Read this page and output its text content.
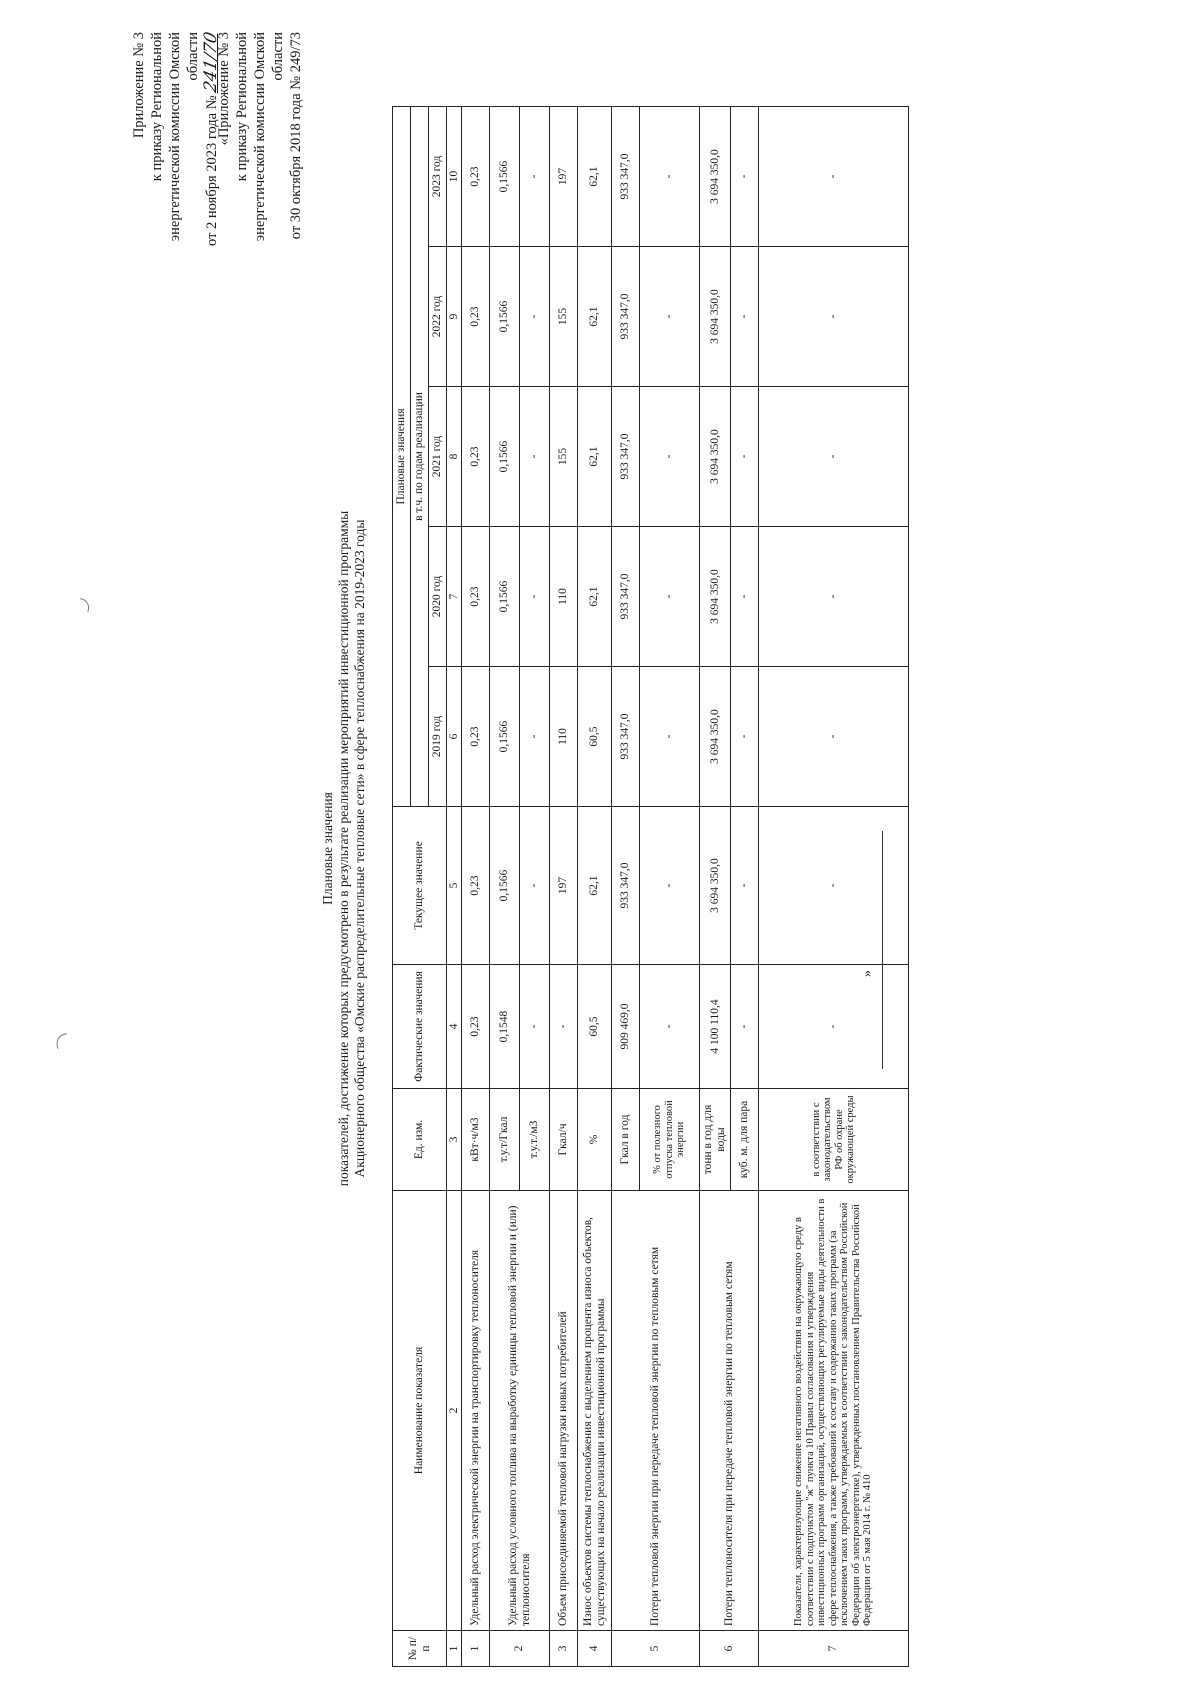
Приложение № 3 к приказу Региональной энергетической комиссии Омской области
от 2 ноября 2023 года № 241/70
«Приложение № 3 к приказу Региональной энергетической комиссии Омской области от 30 октября 2018 года № 249/73
Плановые значения показателей, достижение которых предусмотрено в результате реализации мероприятий инвестиционной программы Акционерного общества «Омские распределительные тепловые сети» в сфере теплоснабжения на 2019-2023 годы
№ п/п	Наименование показателя	Ед. изм.	Фактические значения	Текущее значение	Плановые значения				
					в т.ч. по годам реализации				
					2019 год	2020 год	2021 год	2022 год	2023 год
1	2	3	4	5	6	7	8	9	10
1	Удельный расход электрической энергии на транспортировку теплоносителя	кВт·ч/м3	0,23	0,23	0,23	0,23	0,23	0,23	0,23
2	Удельный расход условного топлива на выработку единицы тепловой энергии и (или) теплоносителя	т.у.т/Гкал	0,1548	0,1566	0,1566	0,1566	0,1566	0,1566	0,1566
		т.у.т./м3	-	-	-	-	-	-	-
3	Объем присоединяемой тепловой нагрузки новых потребителей	Гкал/ч	-	197	110	110	155	155	197
4	Износ объектов системы теплоснабжения с выделением процента износа объектов, существующих на начало реализации инвестиционной программы	%	60,5	62,1	60,5	62,1	62,1	62,1	62,1
5	Потери тепловой энергии при передаче тепловой энергии по тепловым сетям	Гкал в год	909 469,0	933 347,0	933 347,0	933 347,0	933 347,0	933 347,0	933 347,0
		% от полезного отпуска тепловой энергии	-	-	-	-	-	-	-
6	Потери теплоносителя при передаче тепловой энергии по тепловым сетям	тонн в год для воды	4 100 110,4	3 694 350,0	3 694 350,0	3 694 350,0	3 694 350,0	3 694 350,0	3 694 350,0
		куб. м. для пара	-	-	-	-	-	-	-
7	Показатели, характеризующие снижение негативного воздействия на окружающую среду в соответствии с подпунктом "ж" пункта 10 Правил согласования и утверждения инвестиционных программ организаций, осуществляющих регулируемые виды деятельности в сфере теплоснабжения, а также требований к составу и содержанию таких программ (за исключением таких программ, утверждаемых в соответствии с законодательством Российской Федерации об электроэнергетике), утвержденных постановлением Правительства Российской Федерации от 5 мая 2014 г. № 410	в соответствии с законодательством РФ об охране окружающей среды	-	-	-	-	-	-	-
»
